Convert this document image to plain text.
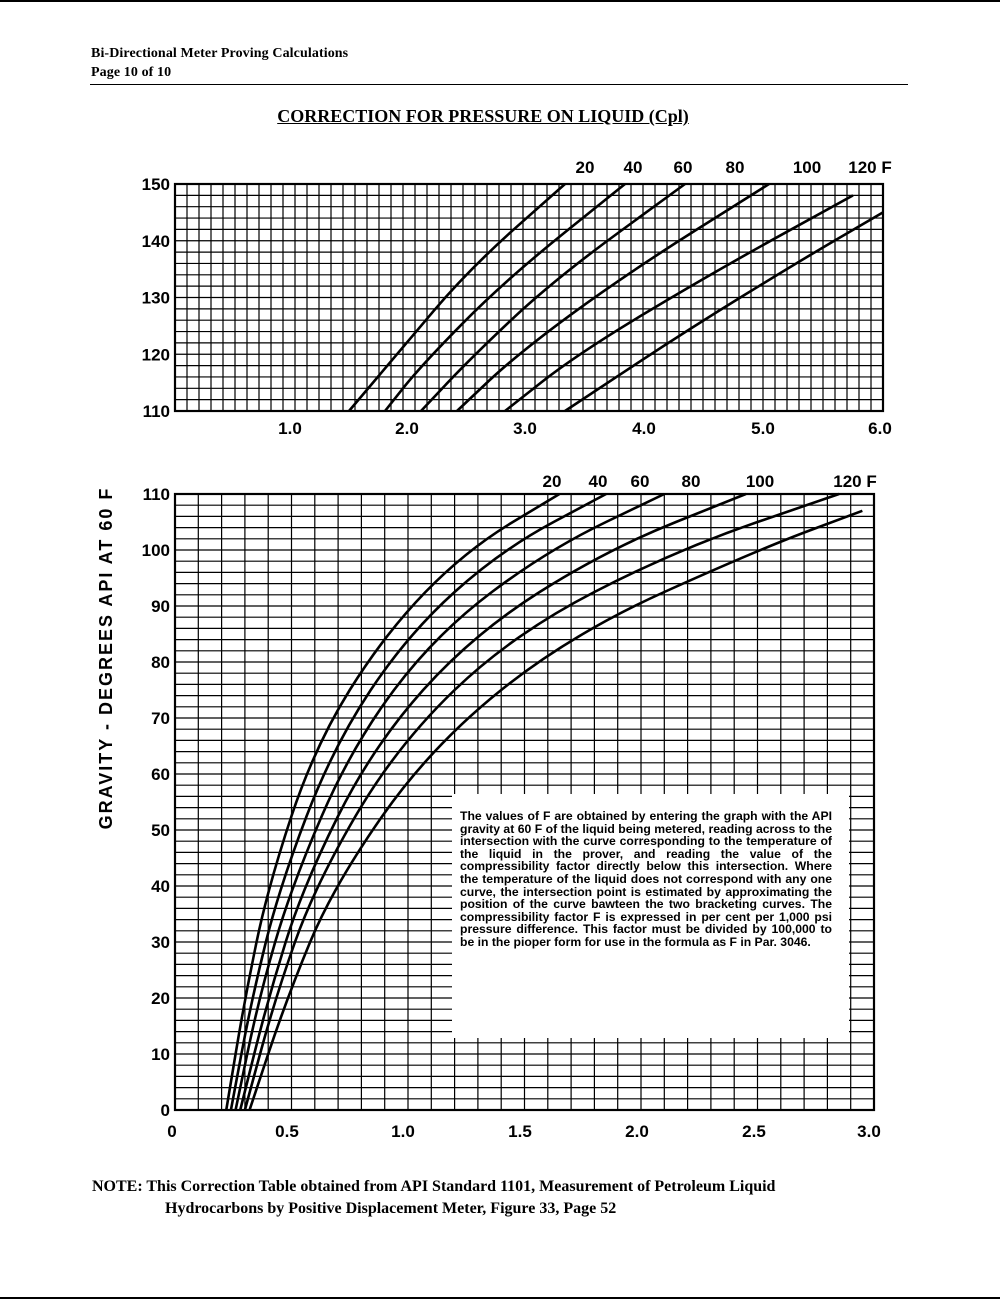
Bi-Directional Meter Proving Calculations
Page 10 of 10
CORRECTION FOR PRESSURE ON LIQUID (Cpl)
20 40 60 80	100 120 F
110
120
130
140
150
1.0	2.0	3.0	4.0	5.0	6.0
20 40 60 80	100	120 F
0
10
20
30
40
50
60
70
80
90
100
110
0	0.5	1.0	1.5	2.0	2.5	3.0
GRAVITY - DEGREES API AT 60 F	The values of F are obtained by entering the graph with the API gravity at 60 F of the liquid being metered, reading across to the intersection with the curve corresponding to the temperature of the liquid in the prover, and reading the value of the compressibility factor directly below this intersection. Where the temperature of the liquid does not correspond with any one curve, the intersection point is estimated by approximating the position of the curve bawteen the two bracketing curves. The compressibility factor F is expressed in per cent per 1,000 psi pressure difference. This factor must be divided by 100,000 to be in the pioper form for use in the formula as F in Par. 3046.
NOTE: This Correction Table obtained from API Standard 1101, Measurement of Petroleum Liquid
Hydrocarbons by Positive Displacement Meter, Figure 33, Page 52
